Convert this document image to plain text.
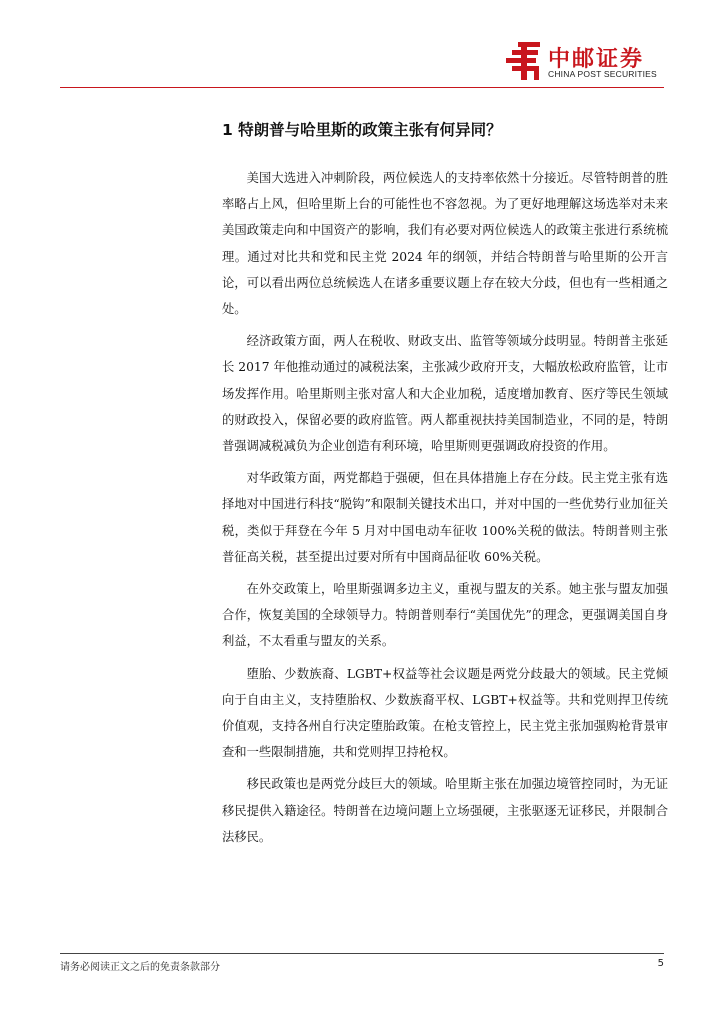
中邮证券
CHINA POST SECURITIES
1 特朗普与哈里斯的政策主张有何异同？

美国大选进入冲刺阶段，两位候选人的支持率依然十分接近。尽管特朗普的胜率略占上风，但哈里斯上台的可能性也不容忽视。为了更好地理解这场选举对未来美国政策走向和中国资产的影响，我们有必要对两位候选人的政策主张进行系统梳理。通过对比共和党和民主党 2024 年的纲领，并结合特朗普与哈里斯的公开言论，可以看出两位总统候选人在诸多重要议题上存在较大分歧，但也有一些相通之处。

经济政策方面，两人在税收、财政支出、监管等领域分歧明显。特朗普主张延长 2017 年他推动通过的减税法案，主张减少政府开支，大幅放松政府监管，让市场发挥作用。哈里斯则主张对富人和大企业加税，适度增加教育、医疗等民生领域的财政投入，保留必要的政府监管。两人都重视扶持美国制造业，不同的是，特朗普强调减税减负为企业创造有利环境，哈里斯则更强调政府投资的作用。

对华政策方面，两党都趋于强硬，但在具体措施上存在分歧。民主党主张有选择地对中国进行科技“脱钩”和限制关键技术出口，并对中国的一些优势行业加征关税，类似于拜登在今年 5 月对中国电动车征收 100%关税的做法。特朗普则主张普征高关税，甚至提出过要对所有中国商品征收 60%关税。

在外交政策上，哈里斯强调多边主义，重视与盟友的关系。她主张与盟友加强合作，恢复美国的全球领导力。特朗普则奉行“美国优先”的理念，更强调美国自身利益，不太看重与盟友的关系。

堕胎、少数族裔、LGBT+权益等社会议题是两党分歧最大的领域。民主党倾向于自由主义，支持堕胎权、少数族裔平权、LGBT+权益等。共和党则捍卫传统价值观，支持各州自行决定堕胎政策。在枪支管控上，民主党主张加强购枪背景审查和一些限制措施，共和党则捍卫持枪权。

移民政策也是两党分歧巨大的领域。哈里斯主张在加强边境管控同时，为无证移民提供入籍途径。特朗普在边境问题上立场强硬，主张驱逐无证移民，并限制合法移民。

请务必阅读正文之后的免责条款部分	5
